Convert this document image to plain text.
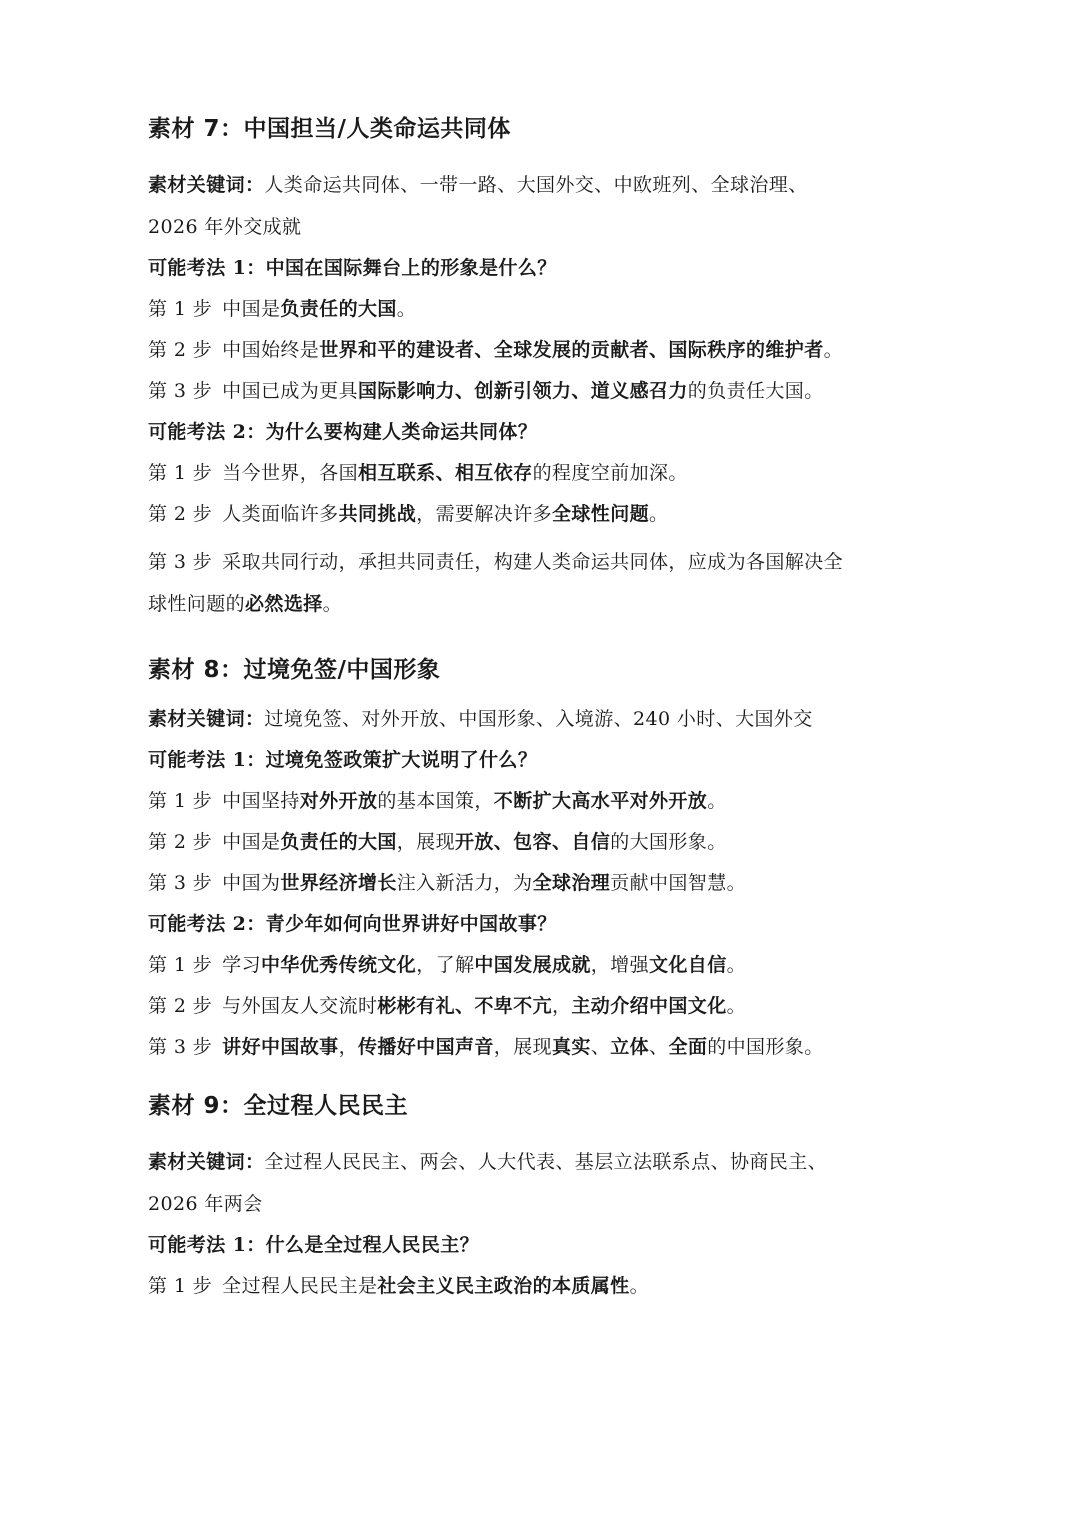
素材 7：中国担当/人类命运共同体

素材关键词：人类命运共同体、一带一路、大国外交、中欧班列、全球治理、

2026 年外交成就

可能考法 1：中国在国际舞台上的形象是什么？

第 1 步 中国是负责任的大国。

第 2 步 中国始终是世界和平的建设者、全球发展的贡献者、国际秩序的维护者。

第 3 步 中国已成为更具国际影响力、创新引领力、道义感召力的负责任大国。

可能考法 2：为什么要构建人类命运共同体？

第 1 步 当今世界，各国相互联系、相互依存的程度空前加深。

第 2 步 人类面临许多共同挑战，需要解决许多全球性问题。

第 3 步 采取共同行动，承担共同责任，构建人类命运共同体，应成为各国解决全

球性问题的必然选择。

素材 8：过境免签/中国形象

素材关键词：过境免签、对外开放、中国形象、入境游、240 小时、大国外交

可能考法 1：过境免签政策扩大说明了什么？

第 1 步 中国坚持对外开放的基本国策，不断扩大高水平对外开放。

第 2 步 中国是负责任的大国，展现开放、包容、自信的大国形象。

第 3 步 中国为世界经济增长注入新活力，为全球治理贡献中国智慧。

可能考法 2：青少年如何向世界讲好中国故事？

第 1 步 学习中华优秀传统文化，了解中国发展成就，增强文化自信。

第 2 步 与外国友人交流时彬彬有礼、不卑不亢，主动介绍中国文化。

第 3 步 讲好中国故事，传播好中国声音，展现真实、立体、全面的中国形象。

素材 9：全过程人民民主

素材关键词：全过程人民民主、两会、人大代表、基层立法联系点、协商民主、

2026 年两会

可能考法 1：什么是全过程人民民主？

第 1 步 全过程人民民主是社会主义民主政治的本质属性。
